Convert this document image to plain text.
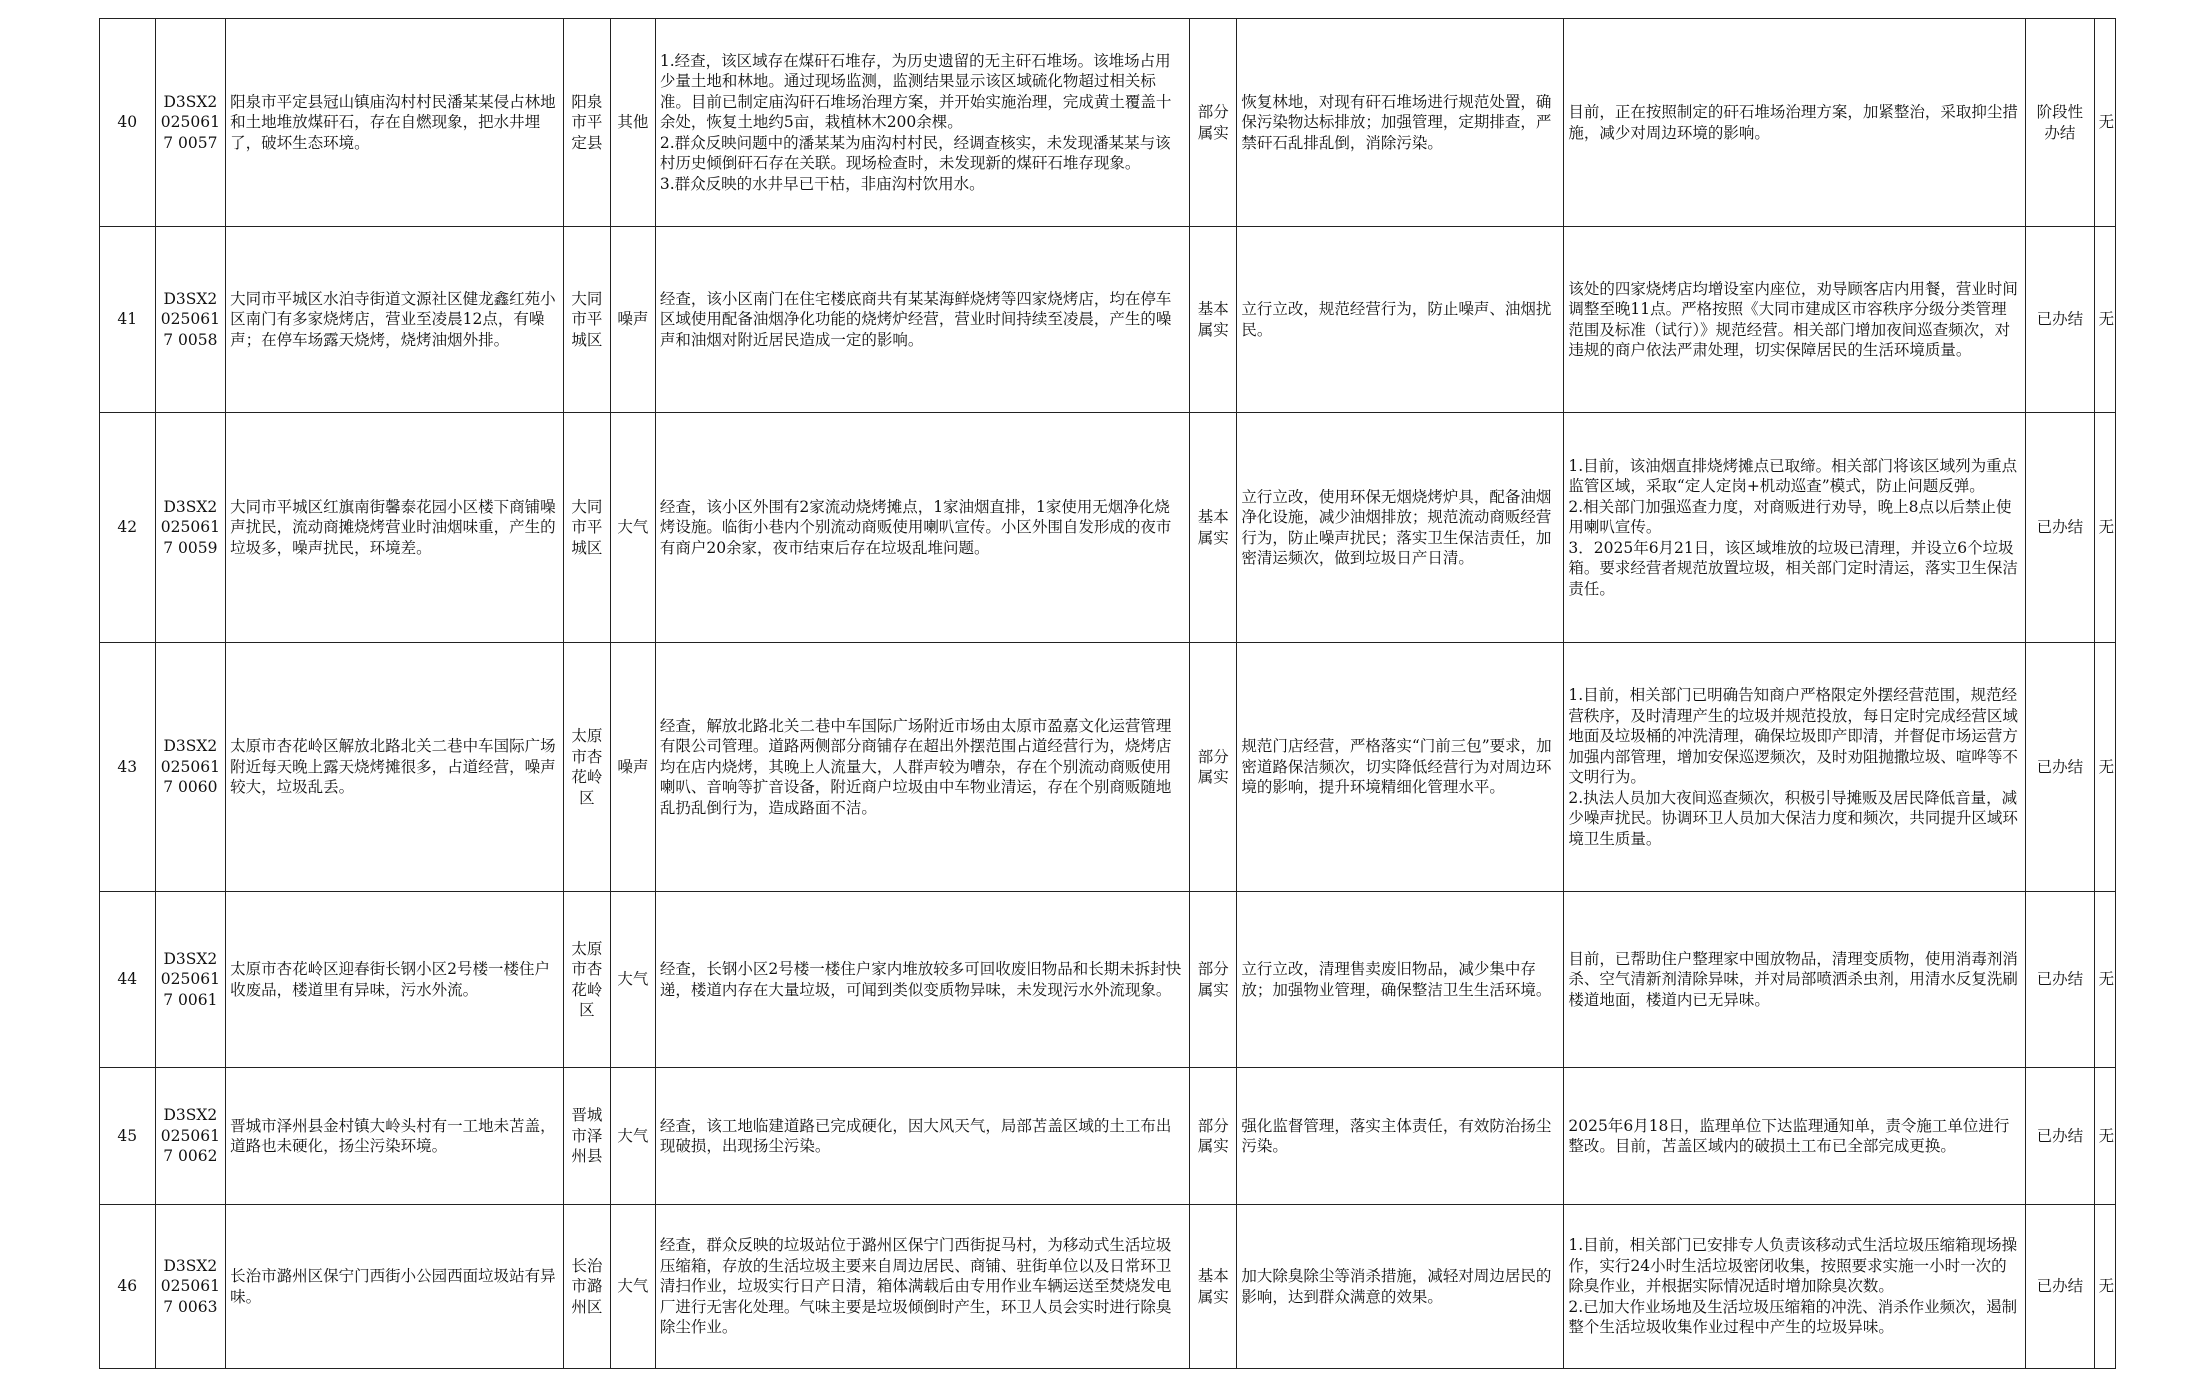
40	D3SX20250617 0057	阳泉市平定县冠山镇庙沟村村民潘某某侵占林地和土地堆放煤矸石，存在自燃现象，把水井埋了，破坏生态环境。	阳泉市平定县	其他	1.经查，该区域存在煤矸石堆存，为历史遗留的无主矸石堆场。该堆场占用少量土地和林地。通过现场监测，监测结果显示该区域硫化物超过相关标准。目前已制定庙沟矸石堆场治理方案，并开始实施治理，完成黄土覆盖十余处，恢复土地约5亩，栽植林木200余棵。
2.群众反映问题中的潘某某为庙沟村村民，经调查核实，未发现潘某某与该村历史倾倒矸石存在关联。现场检查时，未发现新的煤矸石堆存现象。
3.群众反映的水井早已干枯，非庙沟村饮用水。	部分属实	恢复林地，对现有矸石堆场进行规范处置，确保污染物达标排放；加强管理，定期排查，严禁矸石乱排乱倒，消除污染。	目前，正在按照制定的矸石堆场治理方案，加紧整治，采取抑尘措施，减少对周边环境的影响。	阶段性办结	无
41	D3SX20250617 0058	大同市平城区水泊寺街道文源社区健龙鑫红苑小区南门有多家烧烤店，营业至凌晨12点，有噪声；在停车场露天烧烤，烧烤油烟外排。	大同市平城区	噪声	经查，该小区南门在住宅楼底商共有某某海鲜烧烤等四家烧烤店，均在停车区域使用配备油烟净化功能的烧烤炉经营，营业时间持续至凌晨，产生的噪声和油烟对附近居民造成一定的影响。	基本属实	立行立改，规范经营行为，防止噪声、油烟扰民。	该处的四家烧烤店均增设室内座位，劝导顾客店内用餐，营业时间调整至晚11点。严格按照《大同市建成区市容秩序分级分类管理范围及标准（试行）》规范经营。相关部门增加夜间巡查频次，对违规的商户依法严肃处理，切实保障居民的生活环境质量。	已办结	无
42	D3SX20250617 0059	大同市平城区红旗南街馨泰花园小区楼下商铺噪声扰民，流动商摊烧烤营业时油烟味重，产生的垃圾多，噪声扰民，环境差。	大同市平城区	大气	经查，该小区外围有2家流动烧烤摊点，1家油烟直排，1家使用无烟净化烧烤设施。临街小巷内个别流动商贩使用喇叭宣传。小区外围自发形成的夜市有商户20余家，夜市结束后存在垃圾乱堆问题。	基本属实	立行立改，使用环保无烟烧烤炉具，配备油烟净化设施，减少油烟排放；规范流动商贩经营行为，防止噪声扰民；落实卫生保洁责任，加密清运频次，做到垃圾日产日清。	1.目前，该油烟直排烧烤摊点已取缔。相关部门将该区域列为重点监管区域，采取“定人定岗+机动巡查”模式，防止问题反弹。
2.相关部门加强巡查力度，对商贩进行劝导，晚上8点以后禁止使用喇叭宣传。
3．2025年6月21日，该区域堆放的垃圾已清理，并设立6个垃圾箱。要求经营者规范放置垃圾，相关部门定时清运，落实卫生保洁责任。	已办结	无
43	D3SX20250617 0060	太原市杏花岭区解放北路北关二巷中车国际广场附近每天晚上露天烧烤摊很多，占道经营，噪声较大，垃圾乱丢。	太原市杏花岭区	噪声	经查，解放北路北关二巷中车国际广场附近市场由太原市盈嘉文化运营管理有限公司管理。道路两侧部分商铺存在超出外摆范围占道经营行为，烧烤店均在店内烧烤，其晚上人流量大，人群声较为嘈杂，存在个别流动商贩使用喇叭、音响等扩音设备，附近商户垃圾由中车物业清运，存在个别商贩随地乱扔乱倒行为，造成路面不洁。	部分属实	规范门店经营，严格落实“门前三包”要求，加密道路保洁频次，切实降低经营行为对周边环境的影响，提升环境精细化管理水平。	1.目前，相关部门已明确告知商户严格限定外摆经营范围，规范经营秩序，及时清理产生的垃圾并规范投放，每日定时完成经营区域地面及垃圾桶的冲洗清理，确保垃圾即产即清，并督促市场运营方加强内部管理，增加安保巡逻频次，及时劝阻抛撒垃圾、喧哗等不文明行为。
2.执法人员加大夜间巡查频次，积极引导摊贩及居民降低音量，减少噪声扰民。协调环卫人员加大保洁力度和频次，共同提升区域环境卫生质量。	已办结	无
44	D3SX20250617 0061	太原市杏花岭区迎春街长钢小区2号楼一楼住户收废品，楼道里有异味，污水外流。	太原市杏花岭区	大气	经查，长钢小区2号楼一楼住户家内堆放较多可回收废旧物品和长期未拆封快递，楼道内存在大量垃圾，可闻到类似变质物异味，未发现污水外流现象。	部分属实	立行立改，清理售卖废旧物品，减少集中存放；加强物业管理，确保整洁卫生生活环境。	目前，已帮助住户整理家中囤放物品，清理变质物，使用消毒剂消杀、空气清新剂清除异味，并对局部喷洒杀虫剂，用清水反复洗刷楼道地面，楼道内已无异味。	已办结	无
45	D3SX20250617 0062	晋城市泽州县金村镇大岭头村有一工地未苫盖，道路也未硬化，扬尘污染环境。	晋城市泽州县	大气	经查，该工地临建道路已完成硬化，因大风天气，局部苫盖区域的土工布出现破损，出现扬尘污染。	部分属实	强化监督管理，落实主体责任，有效防治扬尘污染。	2025年6月18日，监理单位下达监理通知单，责令施工单位进行整改。目前，苫盖区域内的破损土工布已全部完成更换。	已办结	无
46	D3SX20250617 0063	长治市潞州区保宁门西街小公园西面垃圾站有异味。	长治市潞州区	大气	经查，群众反映的垃圾站位于潞州区保宁门西街捉马村，为移动式生活垃圾压缩箱，存放的生活垃圾主要来自周边居民、商铺、驻街单位以及日常环卫清扫作业，垃圾实行日产日清，箱体满载后由专用作业车辆运送至焚烧发电厂进行无害化处理。气味主要是垃圾倾倒时产生，环卫人员会实时进行除臭除尘作业。	基本属实	加大除臭除尘等消杀措施，减轻对周边居民的影响，达到群众满意的效果。	1.目前，相关部门已安排专人负责该移动式生活垃圾压缩箱现场操作，实行24小时生活垃圾密闭收集，按照要求实施一小时一次的除臭作业，并根据实际情况适时增加除臭次数。
2.已加大作业场地及生活垃圾压缩箱的冲洗、消杀作业频次，遏制整个生活垃圾收集作业过程中产生的垃圾异味。	已办结	无
